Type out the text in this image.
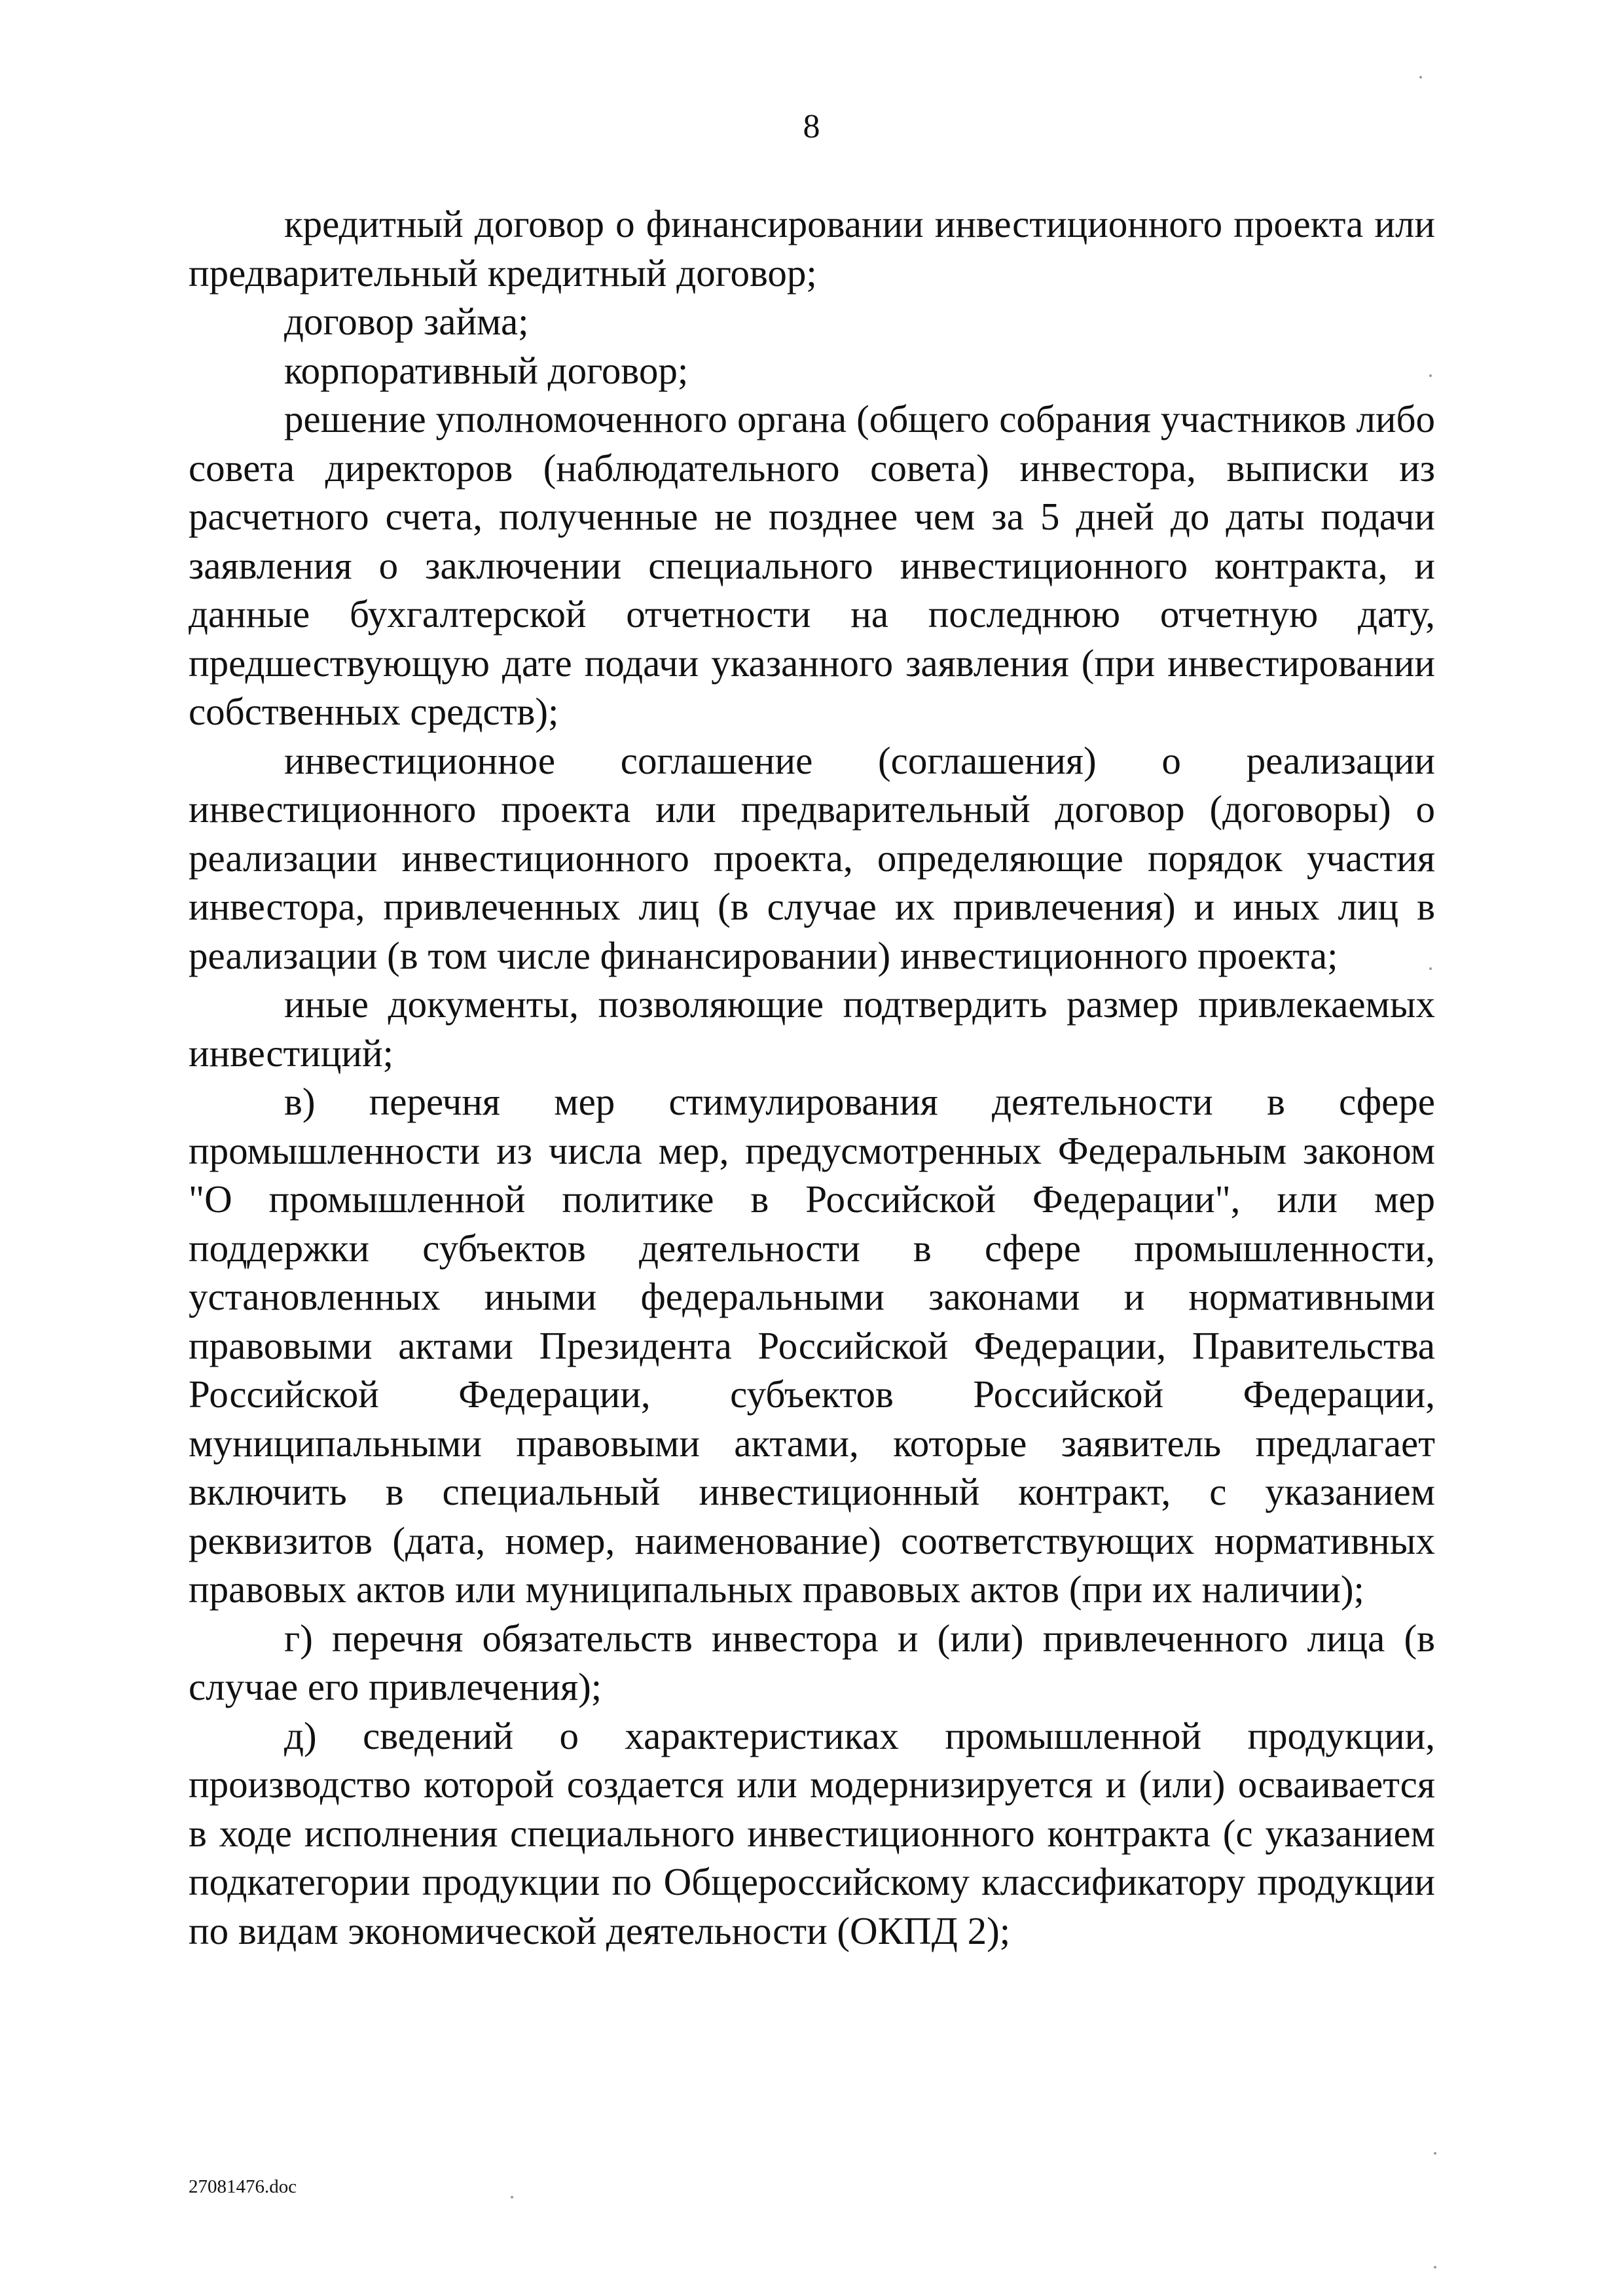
8

кредитный договор о финансировании инвестиционного проекта или предварительный кредитный договор;

договор займа;

корпоративный договор;

решение уполномоченного органа (общего собрания участников либо совета директоров (наблюдательного совета) инвестора, выписки из расчетного счета, полученные не позднее чем за 5 дней до даты подачи заявления о заключении специального инвестиционного контракта, и данные бухгалтерской отчетности на последнюю отчетную дату, предшествующую дате подачи указанного заявления (при инвестировании собственных средств);

инвестиционное соглашение (соглашения) о реализации инвестиционного проекта или предварительный договор (договоры) о реализации инвестиционного проекта, определяющие порядок участия инвестора, привлеченных лиц (в случае их привлечения) и иных лиц в реализации (в том числе финансировании) инвестиционного проекта;

иные документы, позволяющие подтвердить размер привлекаемых инвестиций;

в) перечня мер стимулирования деятельности в сфере промышленности из числа мер, предусмотренных Федеральным законом "О промышленной политике в Российской Федерации", или мер поддержки субъектов деятельности в сфере промышленности, установленных иными федеральными законами и нормативными правовыми актами Президента Российской Федерации, Правительства Российской Федерации, субъектов Российской Федерации, муниципальными правовыми актами, которые заявитель предлагает включить в специальный инвестиционный контракт, с указанием реквизитов (дата, номер, наименование) соответствующих нормативных правовых актов или муниципальных правовых актов (при их наличии);

г) перечня обязательств инвестора и (или) привлеченного лица (в случае его привлечения);

д) сведений о характеристиках промышленной продукции, производство которой создается или модернизируется и (или) осваивается в ходе исполнения специального инвестиционного контракта (с указанием подкатегории продукции по Общероссийскому классификатору продукции по видам экономической деятельности (ОКПД 2);

27081476.doc
